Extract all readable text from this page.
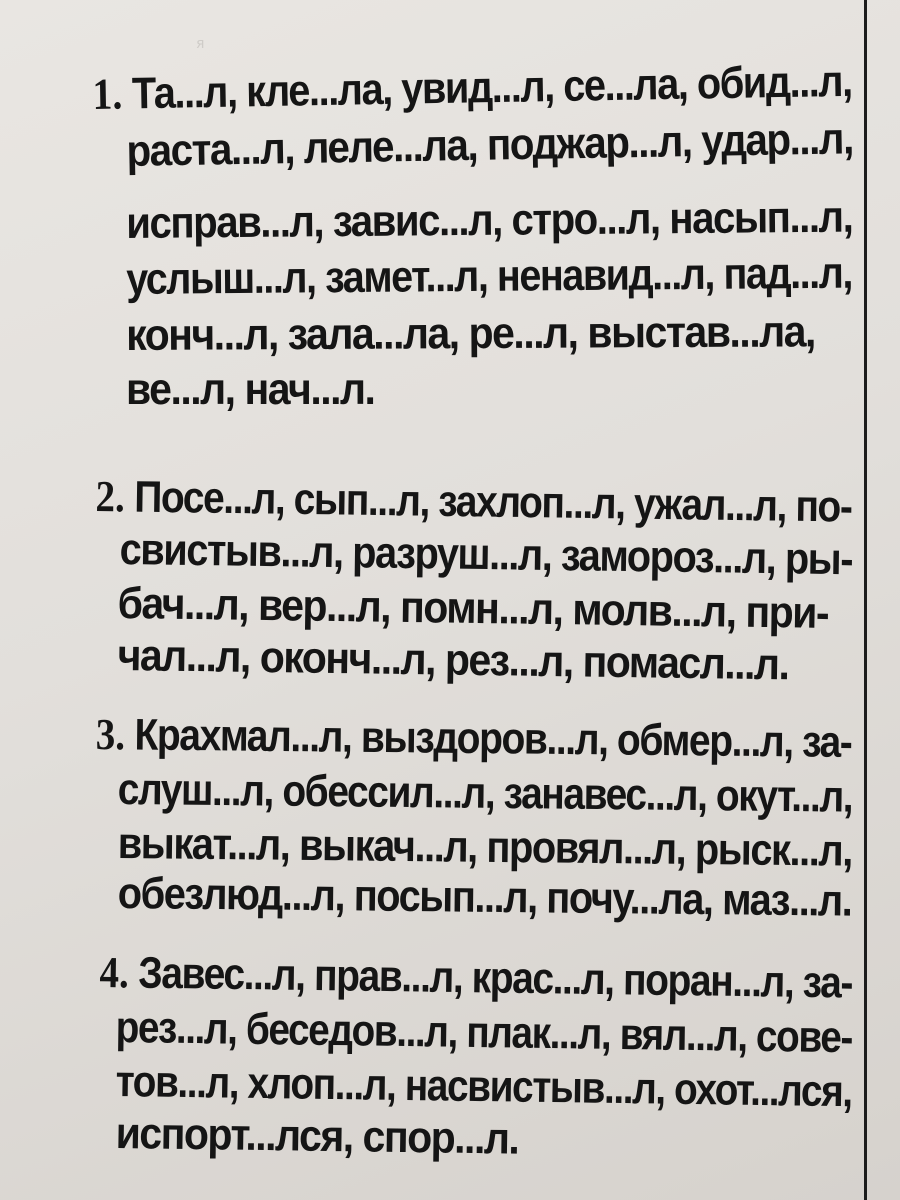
я
1. Та...л, кле...ла, увид...л, се...ла, обид...л,
раста...л, леле...ла, поджар...л, удар...л,
исправ...л, завис...л, стро...л, насып...л,
услыш...л, замет...л, ненавид...л, пад...л,
конч...л, зала...ла, ре...л, выстав...ла,
ве...л, нач...л.
2. Посе...л, сып...л, захлоп...л, ужал...л, по-
свистыв...л, разруш...л, замороз...л, ры-
бач...л, вер...л, помн...л, молв...л, при-
чал...л, оконч...л, рез...л, помасл...л.
3. Крахмал...л, выздоров...л, обмер...л, за-
слуш...л, обессил...л, занавес...л, окут...л,
выкат...л, выкач...л, провял...л, рыск...л,
обезлюд...л, посып...л, почу...ла, маз...л.
4. Завес...л, прав...л, крас...л, поран...л, за-
рез...л, беседов...л, плак...л, вял...л, сове-
тов...л, хлоп...л, насвистыв...л, охот...лся,
испорт...лся, спор...л.
